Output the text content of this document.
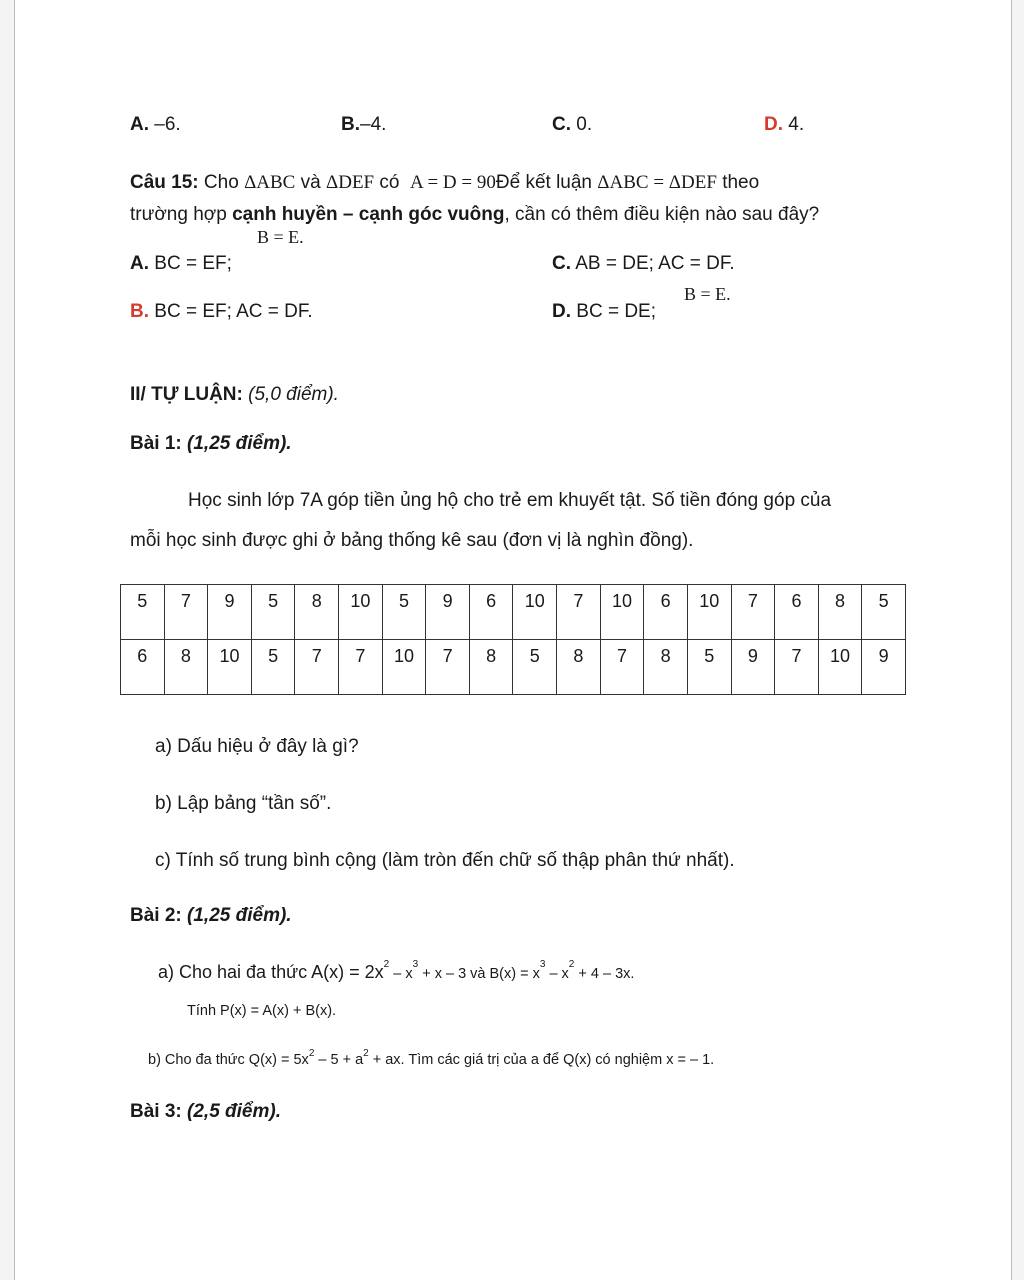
A. –6.	B.–4.	C. 0.	D. 4.
Câu 15: Cho ΔABC và ΔDEF có A = D = 90Để kết luận ΔABC = ΔDEF theo
trường hợp cạnh huyền – cạnh góc vuông, cần có thêm điều kiện nào sau đây?
B = E.
A. BC = EF;	C. AB = DE; AC = DF.
B = E.
B. BC = EF; AC = DF.	D. BC = DE;
II/ TỰ LUẬN: (5,0 điểm).
Bài 1: (1,25 điểm).
Học sinh lớp 7A góp tiền ủng hộ cho trẻ em khuyết tật. Số tiền đóng góp của
mỗi học sinh được ghi ở bảng thống kê sau (đơn vị là nghìn đồng).
5	7	9	5	8	10	5	9	6	10	7	10	6	10	7	6	8	5
6	8	10	5	7	7	10	7	8	5	8	7	8	5	9	7	10	9
a) Dấu hiệu ở đây là gì?
b) Lập bảng “tần số”.
c) Tính số trung bình cộng (làm tròn đến chữ số thập phân thứ nhất).
Bài 2: (1,25 điểm).
a) Cho hai đa thức $A(x) = 2x^2 - x^3 + x - 3$ và $B(x) = x^3 - x^2 + 4 - 3x$.
Tính P(x) = A(x) + B(x).
b) Cho đa thức $Q(x) = 5x^2 - 5 + a^2$ + ax. Tìm các giá trị của a để Q(x) có nghiệm x = – 1.
Bài 3: (2,5 điểm).
